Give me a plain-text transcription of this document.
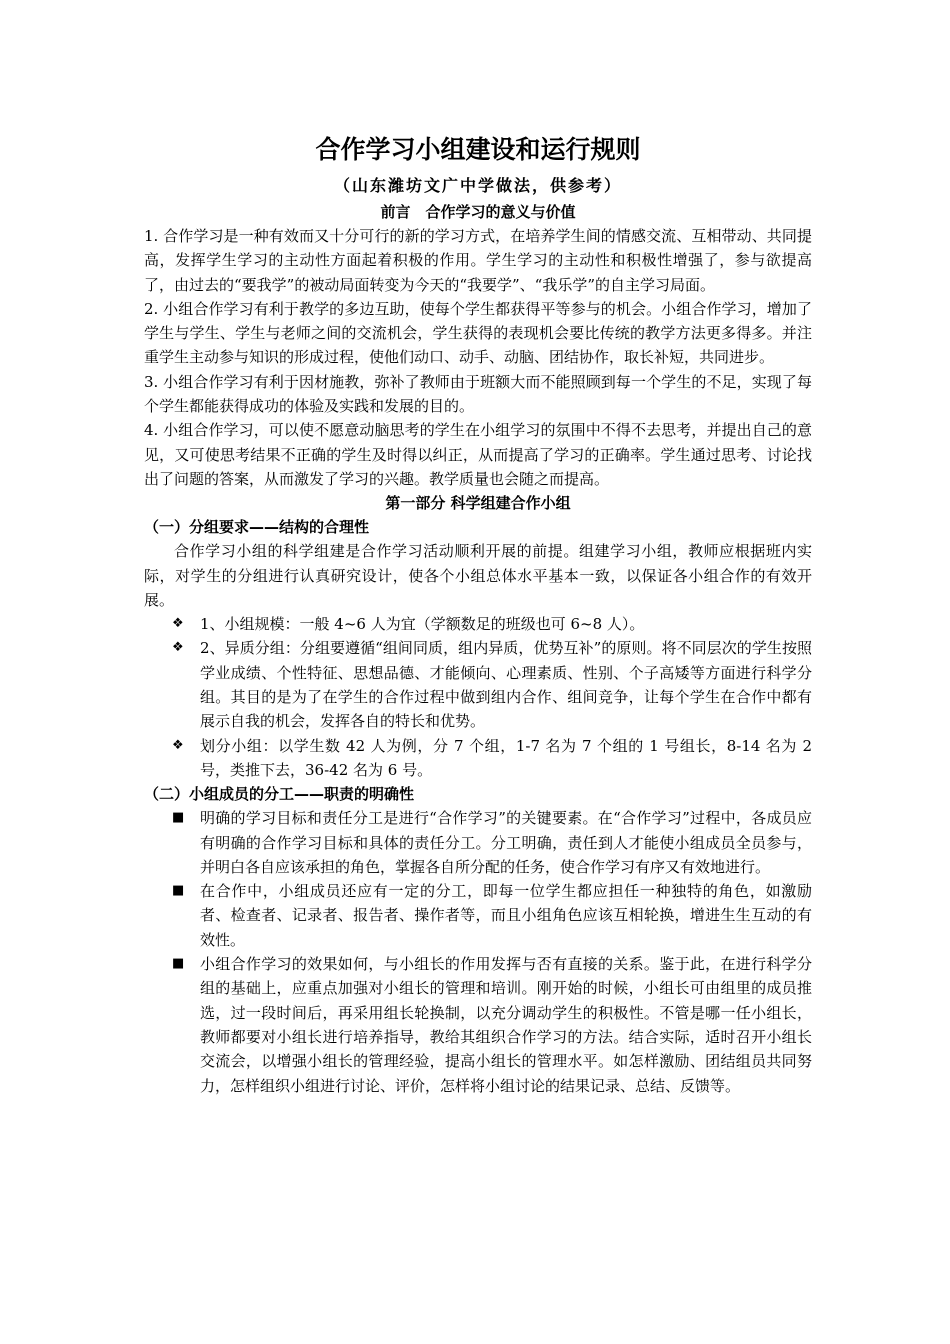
合作学习小组建设和运行规则

（山东潍坊文广中学做法，供参考）

前言　合作学习的意义与价值

1. 合作学习是一种有效而又十分可行的新的学习方式，在培养学生间的情感交流、互相带动、共同提高，发挥学生学习的主动性方面起着积极的作用。学生学习的主动性和积极性增强了，参与欲提高了，由过去的“要我学”的被动局面转变为今天的“我要学”、“我乐学”的自主学习局面。

2. 小组合作学习有利于教学的多边互助，使每个学生都获得平等参与的机会。小组合作学习，增加了学生与学生、学生与老师之间的交流机会，学生获得的表现机会要比传统的教学方法更多得多。并注重学生主动参与知识的形成过程，使他们动口、动手、动脑、团结协作，取长补短，共同进步。

3. 小组合作学习有利于因材施教，弥补了教师由于班额大而不能照顾到每一个学生的不足，实现了每个学生都能获得成功的体验及实践和发展的目的。

4. 小组合作学习，可以使不愿意动脑思考的学生在小组学习的氛围中不得不去思考，并提出自己的意见，又可使思考结果不正确的学生及时得以纠正，从而提高了学习的正确率。学生通过思考、讨论找出了问题的答案，从而激发了学习的兴趣。教学质量也会随之而提高。

第一部分 科学组建合作小组

（一）分组要求——结构的合理性

合作学习小组的科学组建是合作学习活动顺利开展的前提。组建学习小组，教师应根据班内实际，对学生的分组进行认真研究设计，使各个小组总体水平基本一致，以保证各小组合作的有效开展。

❖	1、小组规模：一般 4~6 人为宜（学额数足的班级也可 6~8 人）。
❖	2、异质分组：分组要遵循“组间同质，组内异质，优势互补”的原则。将不同层次的学生按照学业成绩、个性特征、思想品德、才能倾向、心理素质、性别、个子高矮等方面进行科学分组。其目的是为了在学生的合作过程中做到组内合作、组间竞争，让每个学生在合作中都有展示自我的机会，发挥各自的特长和优势。
❖	划分小组：以学生数 42 人为例，分 7 个组，1-7 名为 7 个组的 1 号组长，8-14 名为 2 号，类推下去，36-42 名为 6 号。

（二）小组成员的分工——职责的明确性

■	明确的学习目标和责任分工是进行“合作学习”的关键要素。在“合作学习”过程中，各成员应有明确的合作学习目标和具体的责任分工。分工明确，责任到人才能使小组成员全员参与，并明白各自应该承担的角色，掌握各自所分配的任务，使合作学习有序又有效地进行。
■	在合作中，小组成员还应有一定的分工，即每一位学生都应担任一种独特的角色，如激励者、检查者、记录者、报告者、操作者等，而且小组角色应该互相轮换，增进生生互动的有效性。
■	小组合作学习的效果如何，与小组长的作用发挥与否有直接的关系。鉴于此，在进行科学分组的基础上，应重点加强对小组长的管理和培训。刚开始的时候，小组长可由组里的成员推选，过一段时间后，再采用组长轮换制，以充分调动学生的积极性。不管是哪一任小组长，教师都要对小组长进行培养指导，教给其组织合作学习的方法。结合实际，适时召开小组长交流会，以增强小组长的管理经验，提高小组长的管理水平。如怎样激励、团结组员共同努力，怎样组织小组进行讨论、评价，怎样将小组讨论的结果记录、总结、反馈等。
